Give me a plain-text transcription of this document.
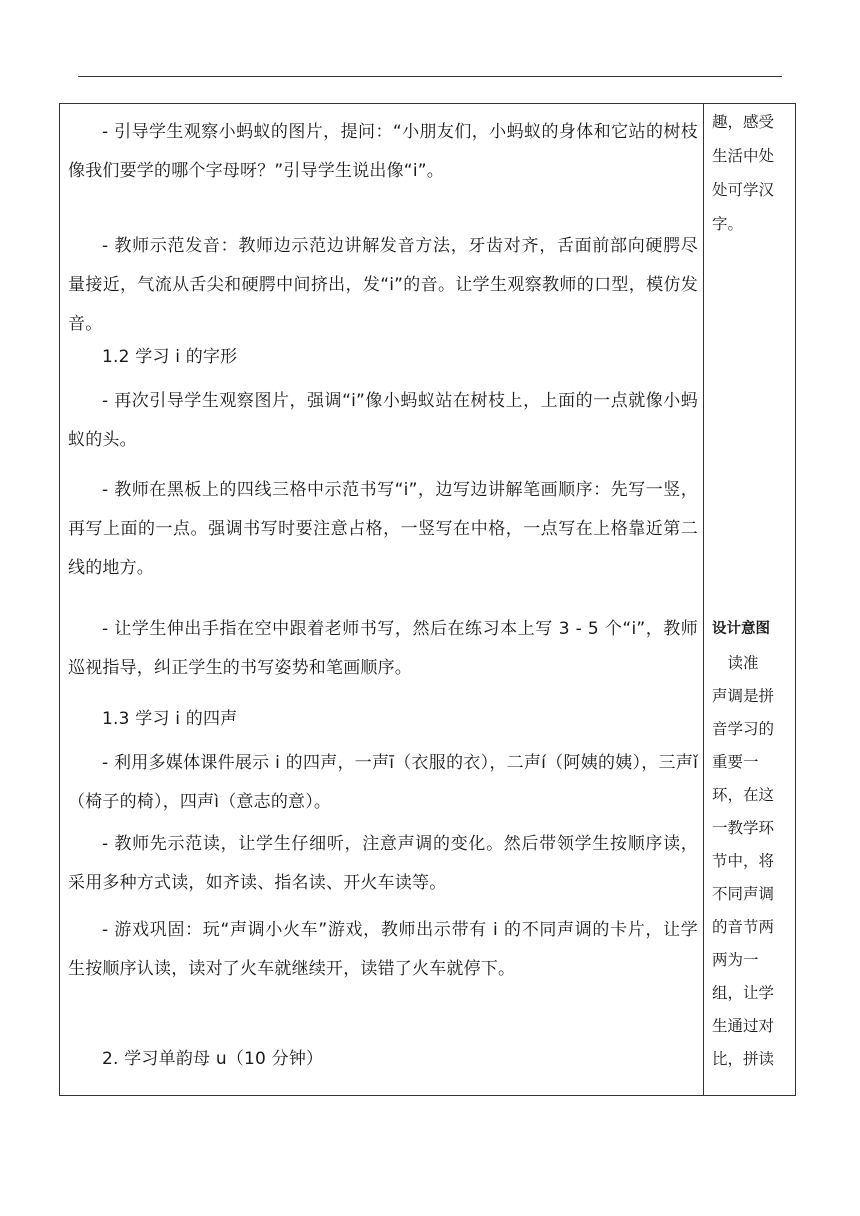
- 引导学生观察小蚂蚁的图片，提问：“小朋友们，小蚂蚁的身体和它站的树枝像我们要学的哪个字母呀？”引导学生说出像“i”。

- 教师示范发音：教师边示范边讲解发音方法，牙齿对齐，舌面前部向硬腭尽量接近，气流从舌尖和硬腭中间挤出，发“i”的音。让学生观察教师的口型，模仿发音。

1.2 学习 i 的字形

- 再次引导学生观察图片，强调“i”像小蚂蚁站在树枝上，上面的一点就像小蚂蚁的头。

- 教师在黑板上的四线三格中示范书写“i”，边写边讲解笔画顺序：先写一竖，再写上面的一点。强调书写时要注意占格，一竖写在中格，一点写在上格靠近第二线的地方。

- 让学生伸出手指在空中跟着老师书写，然后在练习本上写 3 - 5 个“i”，教师巡视指导，纠正学生的书写姿势和笔画顺序。

1.3 学习 i 的四声

- 利用多媒体课件展示 i 的四声，一声ī（衣服的衣），二声í（阿姨的姨），三声ǐ（椅子的椅），四声ì（意志的意）。

- 教师先示范读，让学生仔细听，注意声调的变化。然后带领学生按顺序读，采用多种方式读，如齐读、指名读、开火车读等。

- 游戏巩固：玩“声调小火车”游戏，教师出示带有 i 的不同声调的卡片，让学生按顺序认读，读对了火车就继续开，读错了火车就停下。

2. 学习单韵母 u（10 分钟）

趣，感受
生活中处
处可学汉
字。
设计意图
　读准
声调是拼
音学习的
重要一
环，在这
一教学环
节中，将
不同声调
的音节两
两为一
组，让学
生通过对
比，拼读
